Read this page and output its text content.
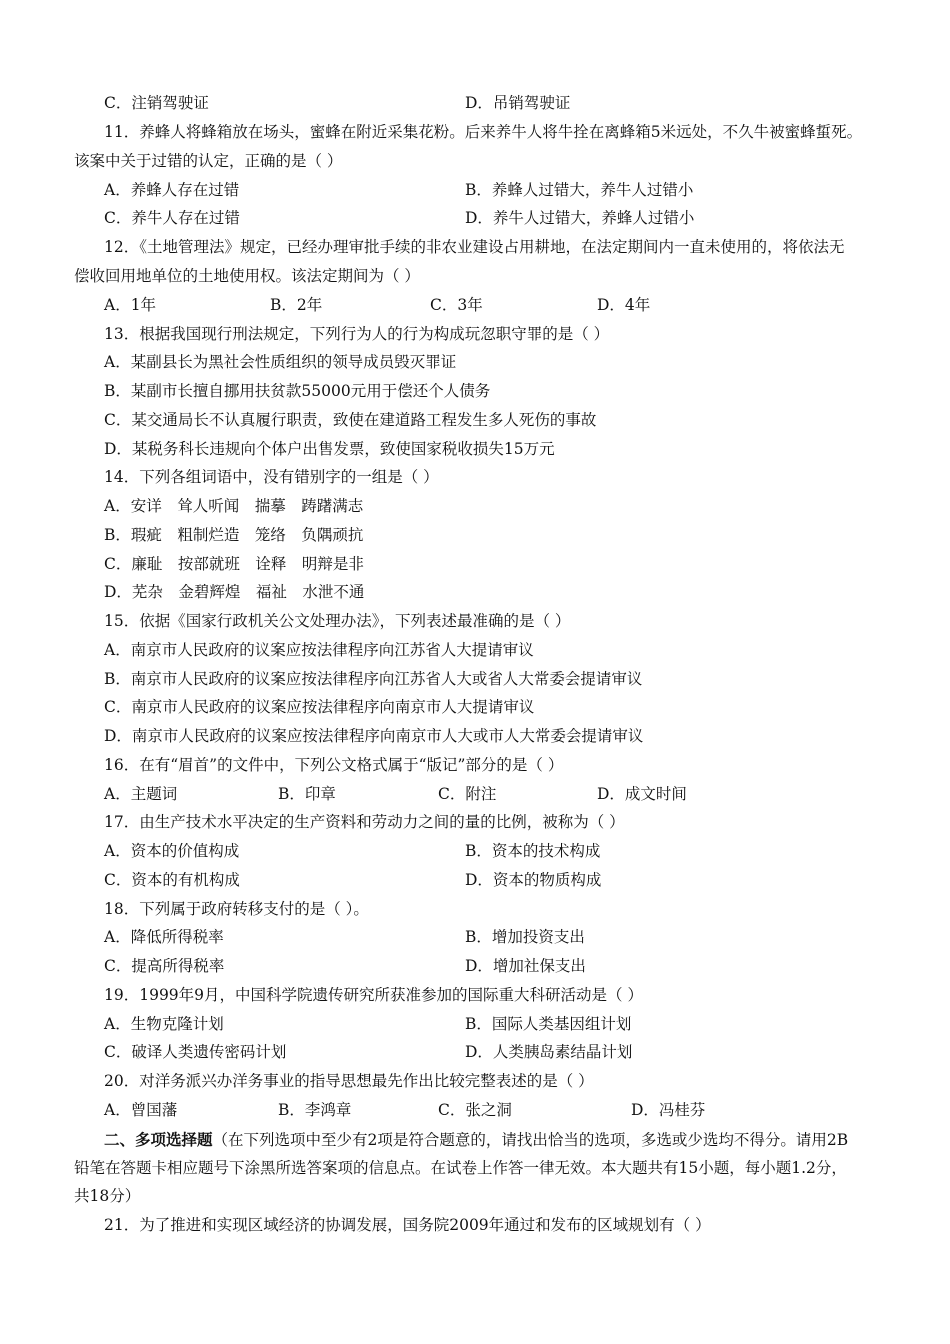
C．注销驾驶证	D．吊销驾驶证
11．养蜂人将蜂箱放在场头，蜜蜂在附近采集花粉。后来养牛人将牛拴在离蜂箱5米远处，不久牛被蜜蜂蜇死。
该案中关于过错的认定，正确的是（ ）
A．养蜂人存在过错	B．养蜂人过错大，养牛人过错小
C．养牛人存在过错	D．养牛人过错大，养蜂人过错小
12．《土地管理法》规定，已经办理审批手续的非农业建设占用耕地，在法定期间内一直未使用的，将依法无
偿收回用地单位的土地使用权。该法定期间为（ ）
A．1年	B．2年	C．3年	D．4年
13．根据我国现行刑法规定，下列行为人的行为构成玩忽职守罪的是（ ）
A．某副县长为黑社会性质组织的领导成员毁灭罪证
B．某副市长擅自挪用扶贫款55000元用于偿还个人债务
C．某交通局长不认真履行职责，致使在建道路工程发生多人死伤的事故
D．某税务科长违规向个体户出售发票，致使国家税收损失15万元
14．下列各组词语中，没有错别字的一组是（ ）
A．安详　耸人听闻　揣摹　踌躇满志
B．瑕疵　粗制烂造　笼络　负隅顽抗
C．廉耻　按部就班　诠释　明辩是非
D．芜杂　金碧辉煌　福祉　水泄不通
15．依据《国家行政机关公文处理办法》，下列表述最准确的是（ ）
A．南京市人民政府的议案应按法律程序向江苏省人大提请审议
B．南京市人民政府的议案应按法律程序向江苏省人大或省人大常委会提请审议
C．南京市人民政府的议案应按法律程序向南京市人大提请审议
D．南京市人民政府的议案应按法律程序向南京市人大或市人大常委会提请审议
16．在有“眉首”的文件中，下列公文格式属于“版记”部分的是（ ）
A．主题词	B．印章	C．附注	D．成文时间
17．由生产技术水平决定的生产资料和劳动力之间的量的比例，被称为（ ）
A．资本的价值构成	B．资本的技术构成
C．资本的有机构成	D．资本的物质构成
18．下列属于政府转移支付的是（ ）。
A．降低所得税率	B．增加投资支出
C．提高所得税率	D．增加社保支出
19．1999年9月，中国科学院遗传研究所获准参加的国际重大科研活动是（ ）
A．生物克隆计划	B．国际人类基因组计划
C．破译人类遗传密码计划	D．人类胰岛素结晶计划
20．对洋务派兴办洋务事业的指导思想最先作出比较完整表述的是（ ）
A．曾国藩	B．李鸿章	C．张之洞	D．冯桂芬
二、多项选择题（在下列选项中至少有2项是符合题意的，请找出恰当的选项，多选或少选均不得分。请用2B
铅笔在答题卡相应题号下涂黑所选答案项的信息点。在试卷上作答一律无效。本大题共有15小题，每小题1.2分，
共18分）
21．为了推进和实现区域经济的协调发展，国务院2009年通过和发布的区域规划有（ ）
